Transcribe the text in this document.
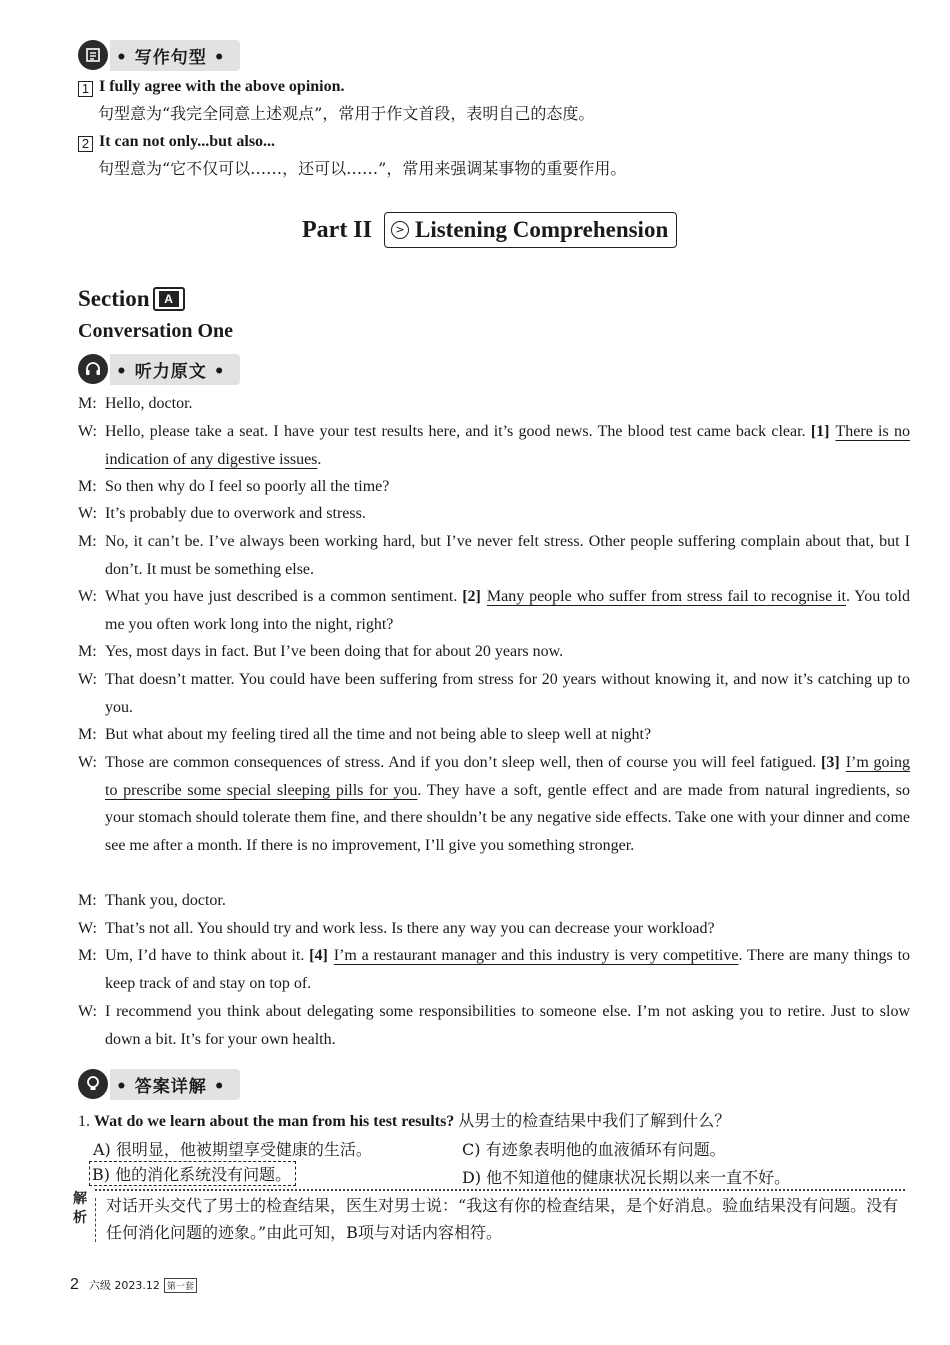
• 写作句型 •
1 I fully agree with the above opinion.
句型意为“我完全同意上述观点”，常用于作文首段，表明自己的态度。
2 It can not only...but also...
句型意为“它不仅可以……，还可以……”，常用来强调某事物的重要作用。
Part II	> Listening Comprehension
Section	A
Conversation One
• 听力原文 •
M: Hello, doctor.
W: Hello, please take a seat. I have your test results here, and it’s good news. The blood test came back clear. [1] There is no indication of any digestive issues.
M: So then why do I feel so poorly all the time?
W: It’s probably due to overwork and stress.
M: No, it can’t be. I’ve always been working hard, but I’ve never felt stress. Other people suffering complain about that, but I don’t. It must be something else.
W: What you have just described is a common sentiment. [2] Many people who suffer from stress fail to recognise it. You told me you often work long into the night, right?
M: Yes, most days in fact. But I’ve been doing that for about 20 years now.
W: That doesn’t matter. You could have been suffering from stress for 20 years without knowing it, and now it’s catching up to you.
M: But what about my feeling tired all the time and not being able to sleep well at night?
W: Those are common consequences of stress. And if you don’t sleep well, then of course you will feel fatigued. [3] I’m going to prescribe some special sleeping pills for you. They have a soft, gentle effect and are made from natural ingredients, so your stomach should tolerate them fine, and there shouldn’t be any negative side effects. Take one with your dinner and come see me after a month. If there is no improvement, I’ll give you something stronger.
M: Thank you, doctor.
W: That’s not all. You should try and work less. Is there any way you can decrease your workload?
M: Um, I’d have to think about it. [4] I’m a restaurant manager and this industry is very competitive. There are many things to keep track of and stay on top of.
W: I recommend you think about delegating some responsibilities to someone else. I’m not asking you to retire. Just to slow down a bit. It’s for your own health.
• 答案详解 •
1. Wat do we learn about the man from his test results? 从男士的检查结果中我们了解到什么？
A) 很明显，他被期望享受健康的生活。	C) 有迹象表明他的血液循环有问题。
B) 他的消化系统没有问题。	D) 他不知道他的健康状况长期以来一直不好。
解析
对话开头交代了男士的检查结果，医生对男士说：“我这有你的检查结果，是个好消息。验血结果没有问题。没有任何消化问题的迹象。”由此可知，B项与对话内容相符。
2 六级 2023.12 第一套
